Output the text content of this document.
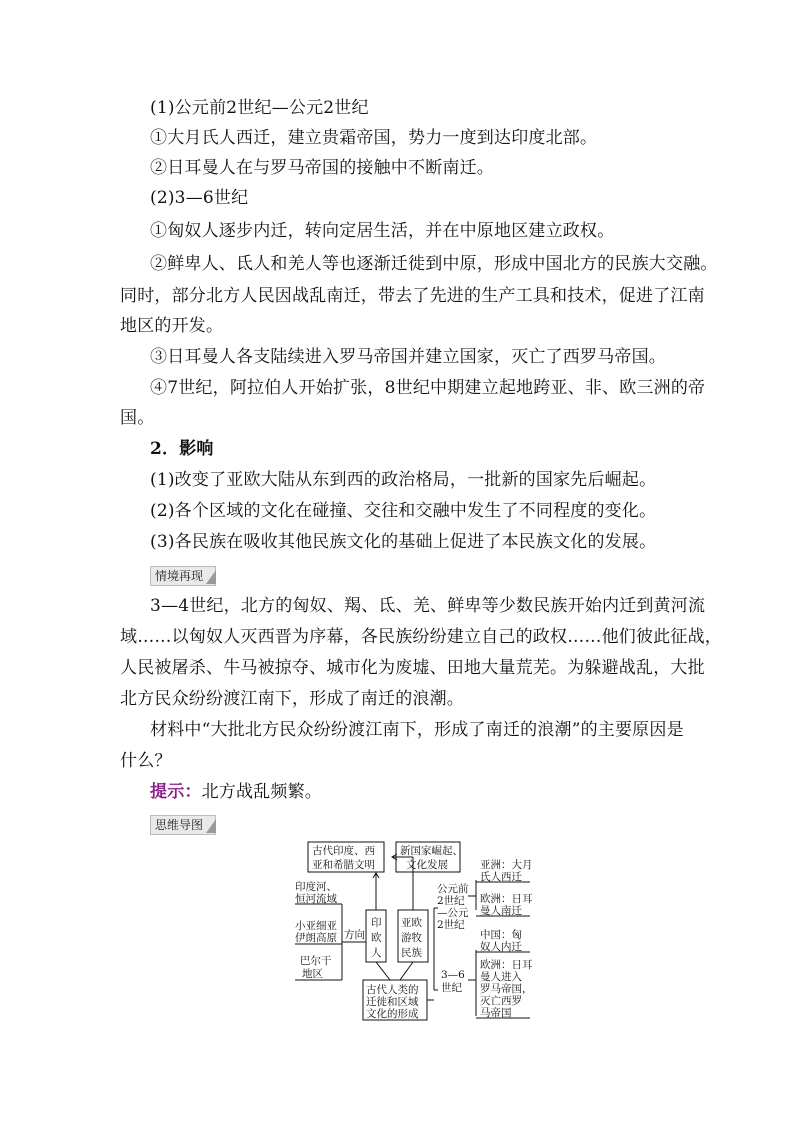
(1)公元前2世纪—公元2世纪
①大月氏人西迁，建立贵霜帝国，势力一度到达印度北部。
②日耳曼人在与罗马帝国的接触中不断南迁。
(2)3—6世纪
①匈奴人逐步内迁，转向定居生活，并在中原地区建立政权。
②鲜卑人、氐人和羌人等也逐渐迁徙到中原，形成中国北方的民族大交融。
同时，部分北方人民因战乱南迁，带去了先进的生产工具和技术，促进了江南
地区的开发。
③日耳曼人各支陆续进入罗马帝国并建立国家，灭亡了西罗马帝国。
④7世纪，阿拉伯人开始扩张，8世纪中期建立起地跨亚、非、欧三洲的帝
国。
2．影响
(1)改变了亚欧大陆从东到西的政治格局，一批新的国家先后崛起。
(2)各个区域的文化在碰撞、交往和交融中发生了不同程度的变化。
(3)各民族在吸收其他民族文化的基础上促进了本民族文化的发展。
情境再现
3—4世纪，北方的匈奴、羯、氐、羌、鲜卑等少数民族开始内迁到黄河流
域……以匈奴人灭西晋为序幕，各民族纷纷建立自己的政权……他们彼此征战，
人民被屠杀、牛马被掠夺、城市化为废墟、田地大量荒芜。为躲避战乱，大批
北方民众纷纷渡江南下，形成了南迁的浪潮。
材料中“大批北方民众纷纷渡江南下，形成了南迁的浪潮”的主要原因是
什么？
提示：北方战乱频繁。
思维导图
古代印度、西
亚和希腊文明
新国家崛起、
文化发展
印度河、
恒河流域
小亚细亚
伊朗高原
巴尔干
地区
方向
印
欧
人
亚欧
游牧
民族
古代人类的
迁徙和区域
文化的形成
公元前
2世纪
—公元
2世纪
3—6
世纪
亚洲：大月
氏人西迁
欧洲：日耳
曼人南迁
中国：匈
奴人内迁
欧洲：日耳
曼人进入
罗马帝国，
灭亡西罗
马帝国
